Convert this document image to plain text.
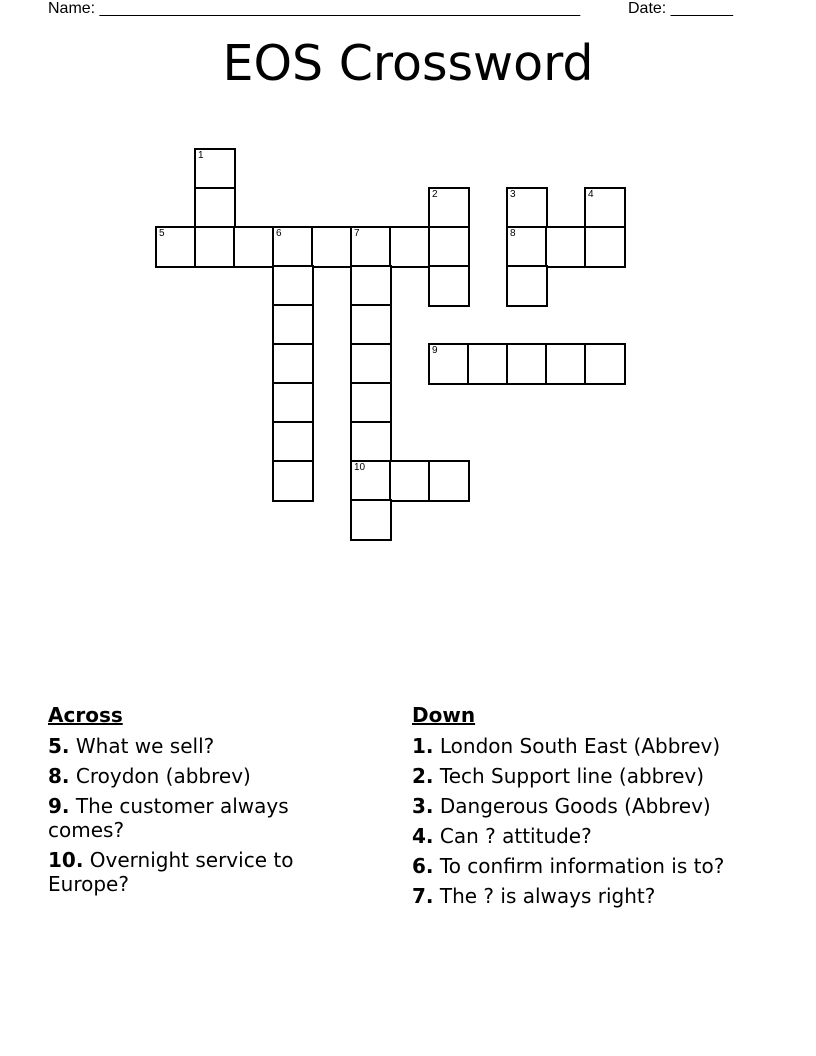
Name: ______________________________________________________	Date: _______
EOS Crossword
1
2	3	4
5	6	7	8
9
10
Across
5. What we sell?
8. Croydon (abbrev)
9. The customer always comes?
10. Overnight service to Europe?
Down
1. London South East (Abbrev)
2. Tech Support line (abbrev)
3. Dangerous Goods (Abbrev)
4. Can ? attitude?
6. To confirm information is to?
7. The ? is always right?
